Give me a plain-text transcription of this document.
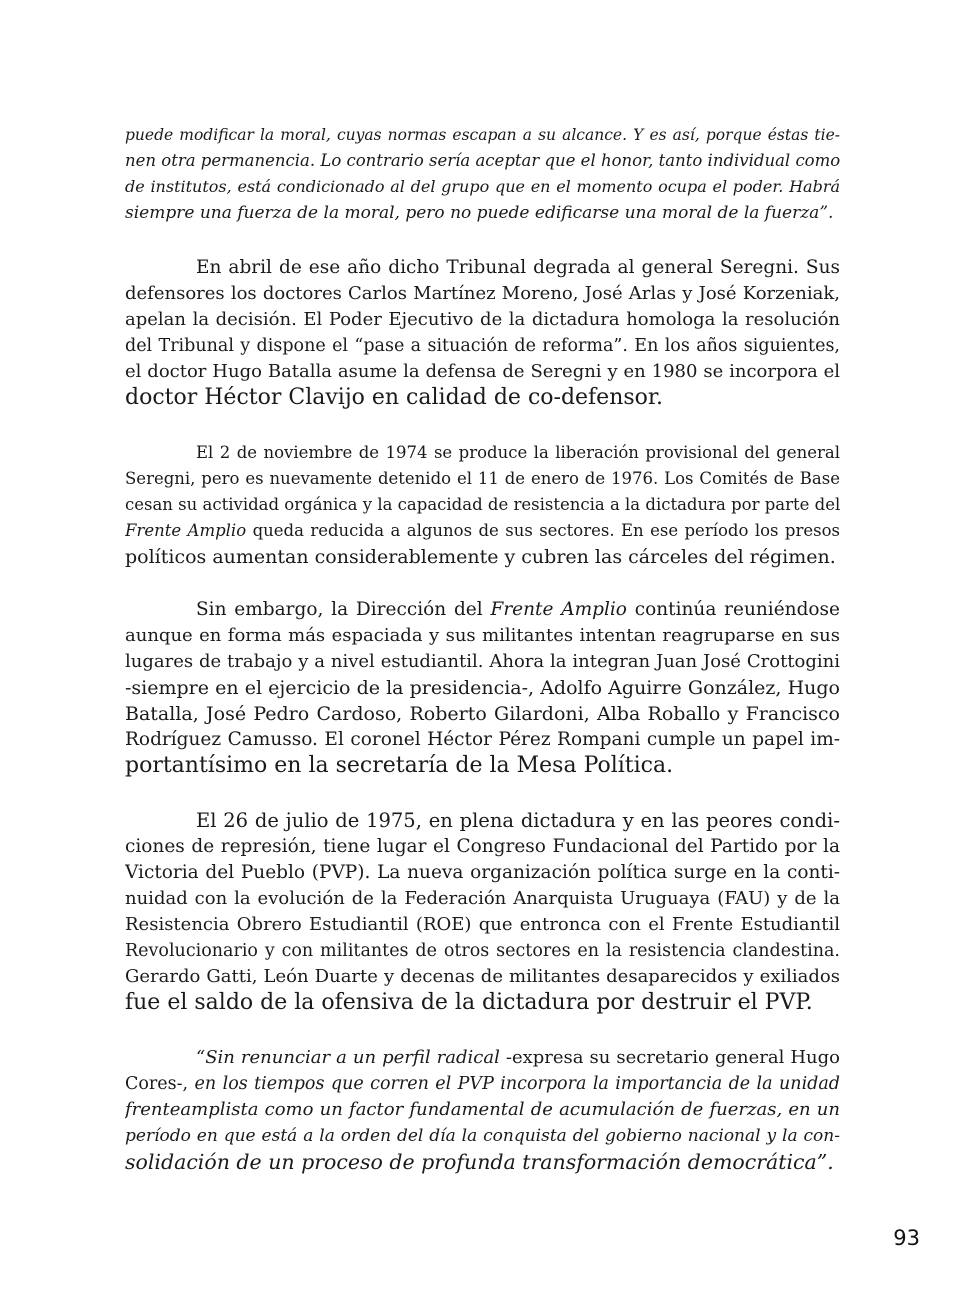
puede modificar la moral, cuyas normas escapan a su alcance. Y es así, porque éstas tie-
nen otra permanencia. Lo contrario sería aceptar que el honor, tanto individual como
de institutos, está condicionado al del grupo que en el momento ocupa el poder. Habrá
siempre una fuerza de la moral, pero no puede edificarse una moral de la fuerza”.
En abril de ese año dicho Tribunal degrada al general Seregni. Sus
defensores los doctores Carlos Martínez Moreno, José Arlas y José Korzeniak,
apelan la decisión. El Poder Ejecutivo de la dictadura homologa la resolución
del Tribunal y dispone el “pase a situación de reforma”. En los años siguientes,
el doctor Hugo Batalla asume la defensa de Seregni y en 1980 se incorpora el
doctor Héctor Clavijo en calidad de co-defensor.
El 2 de noviembre de 1974 se produce la liberación provisional del general
Seregni, pero es nuevamente detenido el 11 de enero de 1976. Los Comités de Base
cesan su actividad orgánica y la capacidad de resistencia a la dictadura por parte del
Frente Amplio queda reducida a algunos de sus sectores. En ese período los presos
políticos aumentan considerablemente y cubren las cárceles del régimen.
Sin embargo, la Dirección del Frente Amplio continúa reuniéndose
aunque en forma más espaciada y sus militantes intentan reagruparse en sus
lugares de trabajo y a nivel estudiantil. Ahora la integran Juan José Crottogini
-siempre en el ejercicio de la presidencia-, Adolfo Aguirre González, Hugo
Batalla, José Pedro Cardoso, Roberto Gilardoni, Alba Roballo y Francisco
Rodríguez Camusso. El coronel Héctor Pérez Rompani cumple un papel im-
portantísimo en la secretaría de la Mesa Política.
El 26 de julio de 1975, en plena dictadura y en las peores condi-
ciones de represión, tiene lugar el Congreso Fundacional del Partido por la
Victoria del Pueblo (PVP). La nueva organización política surge en la conti-
nuidad con la evolución de la Federación Anarquista Uruguaya (FAU) y de la
Resistencia Obrero Estudiantil (ROE) que entronca con el Frente Estudiantil
Revolucionario y con militantes de otros sectores en la resistencia clandestina.
Gerardo Gatti, León Duarte y decenas de militantes desaparecidos y exiliados
fue el saldo de la ofensiva de la dictadura por destruir el PVP.
“Sin renunciar a un perfil radical -expresa su secretario general Hugo
Cores-, en los tiempos que corren el PVP incorpora la importancia de la unidad
frenteamplista como un factor fundamental de acumulación de fuerzas, en un
período en que está a la orden del día la conquista del gobierno nacional y la con-
solidación de un proceso de profunda transformación democrática”.
93
